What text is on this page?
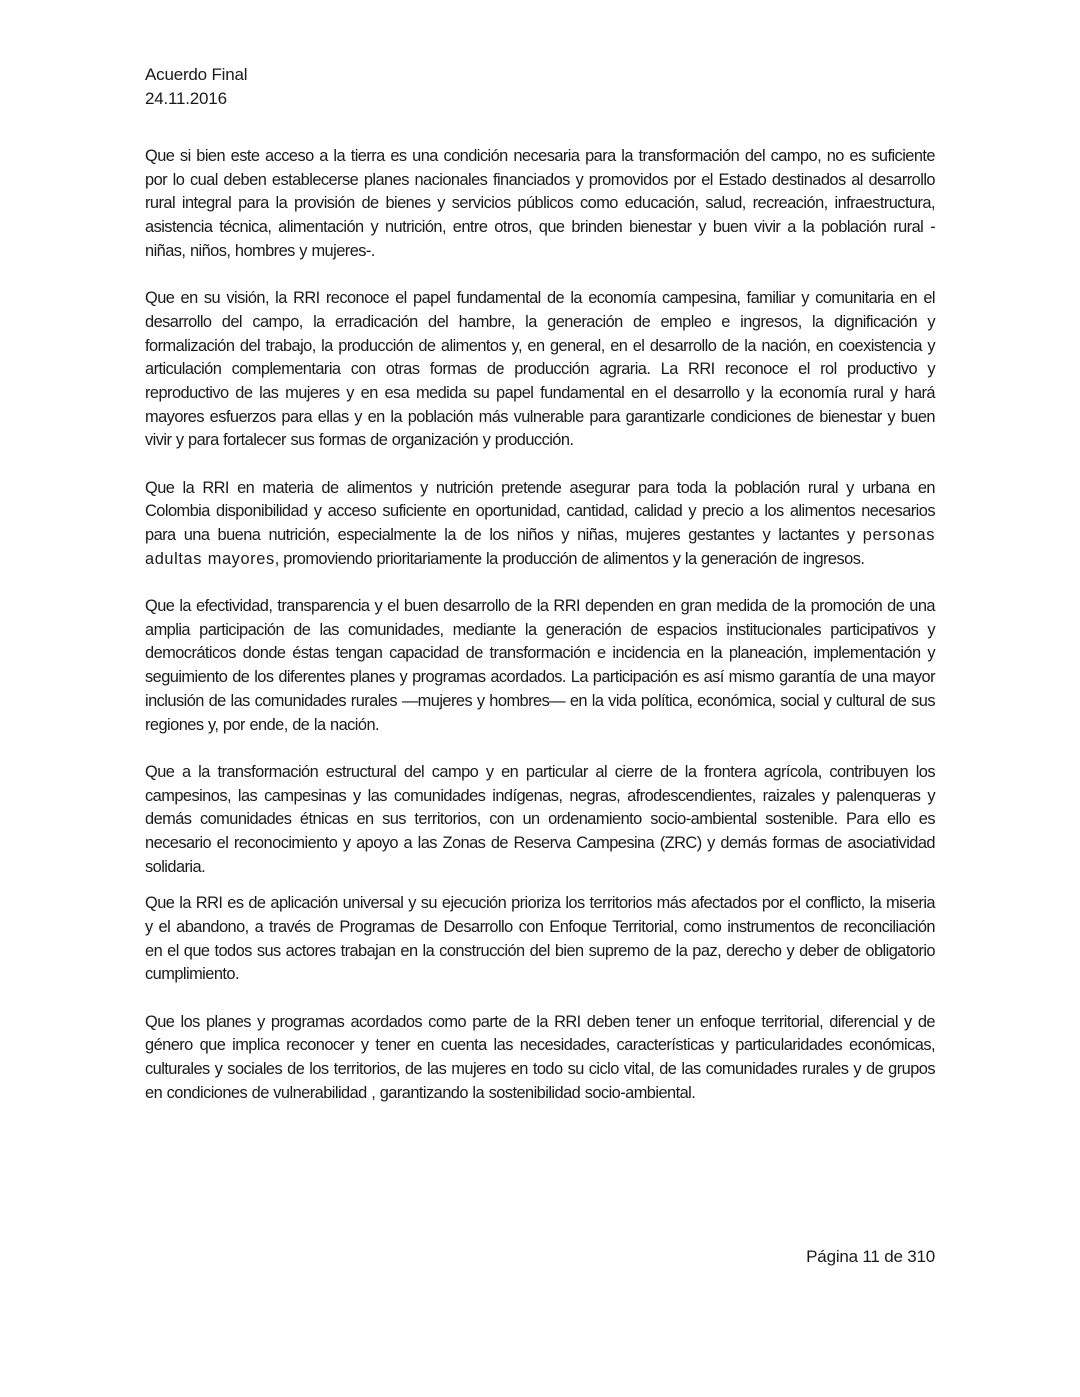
Acuerdo Final
24.11.2016

Que si bien este acceso a la tierra es una condición necesaria para la transformación del campo, no es suficiente por lo cual deben establecerse planes nacionales financiados y promovidos por el Estado destinados al desarrollo rural integral para la provisión de bienes y servicios públicos como educación, salud, recreación, infraestructura, asistencia técnica, alimentación y nutrición, entre otros, que brinden bienestar y buen vivir a la población rural -niñas, niños, hombres y mujeres-.

Que en su visión, la RRI reconoce el papel fundamental de la economía campesina, familiar y comunitaria en el desarrollo del campo, la erradicación del hambre, la generación de empleo e ingresos, la dignificación y formalización del trabajo, la producción de alimentos y, en general, en el desarrollo de la nación, en coexistencia y articulación complementaria con otras formas de producción agraria. La RRI reconoce el rol productivo y reproductivo de las mujeres y en esa medida su papel fundamental en el desarrollo y la economía rural y hará mayores esfuerzos para ellas y en la población más vulnerable para garantizarle condiciones de bienestar y buen vivir y para fortalecer sus formas de organización y producción.

Que la RRI en materia de alimentos y nutrición pretende asegurar para toda la población rural y urbana en Colombia disponibilidad y acceso suficiente en oportunidad, cantidad, calidad y precio a los alimentos necesarios para una buena nutrición, especialmente la de los niños y niñas, mujeres gestantes y lactantes y personas adultas mayores, promoviendo prioritariamente la producción de alimentos y la generación de ingresos.

Que la efectividad, transparencia y el buen desarrollo de la RRI dependen en gran medida de la promoción de una amplia participación de las comunidades, mediante la generación de espacios institucionales participativos y democráticos donde éstas tengan capacidad de transformación e incidencia en la planeación, implementación y seguimiento de los diferentes planes y programas acordados. La participación es así mismo garantía de una mayor inclusión de las comunidades rurales —mujeres y hombres— en la vida política, económica, social y cultural de sus regiones y, por ende, de la nación.

Que a la transformación estructural del campo y en particular al cierre de la frontera agrícola, contribuyen los campesinos, las campesinas y las comunidades indígenas, negras, afrodescendientes, raizales y palenqueras y demás comunidades étnicas en sus territorios, con un ordenamiento socio-ambiental sostenible. Para ello es necesario el reconocimiento y apoyo a las Zonas de Reserva Campesina (ZRC) y demás formas de asociatividad solidaria.

Que la RRI es de aplicación universal y su ejecución prioriza los territorios más afectados por el conflicto, la miseria y el abandono, a través de Programas de Desarrollo con Enfoque Territorial, como instrumentos de reconciliación en el que todos sus actores trabajan en la construcción del bien supremo de la paz, derecho y deber de obligatorio cumplimiento.

Que los planes y programas acordados como parte de la RRI deben tener un enfoque territorial, diferencial y de género que implica reconocer y tener en cuenta las necesidades, características y particularidades económicas, culturales y sociales de los territorios, de las mujeres en todo su ciclo vital, de las comunidades rurales y de grupos en condiciones de vulnerabilidad , garantizando la sostenibilidad socio-ambiental.

Página 11 de 310
